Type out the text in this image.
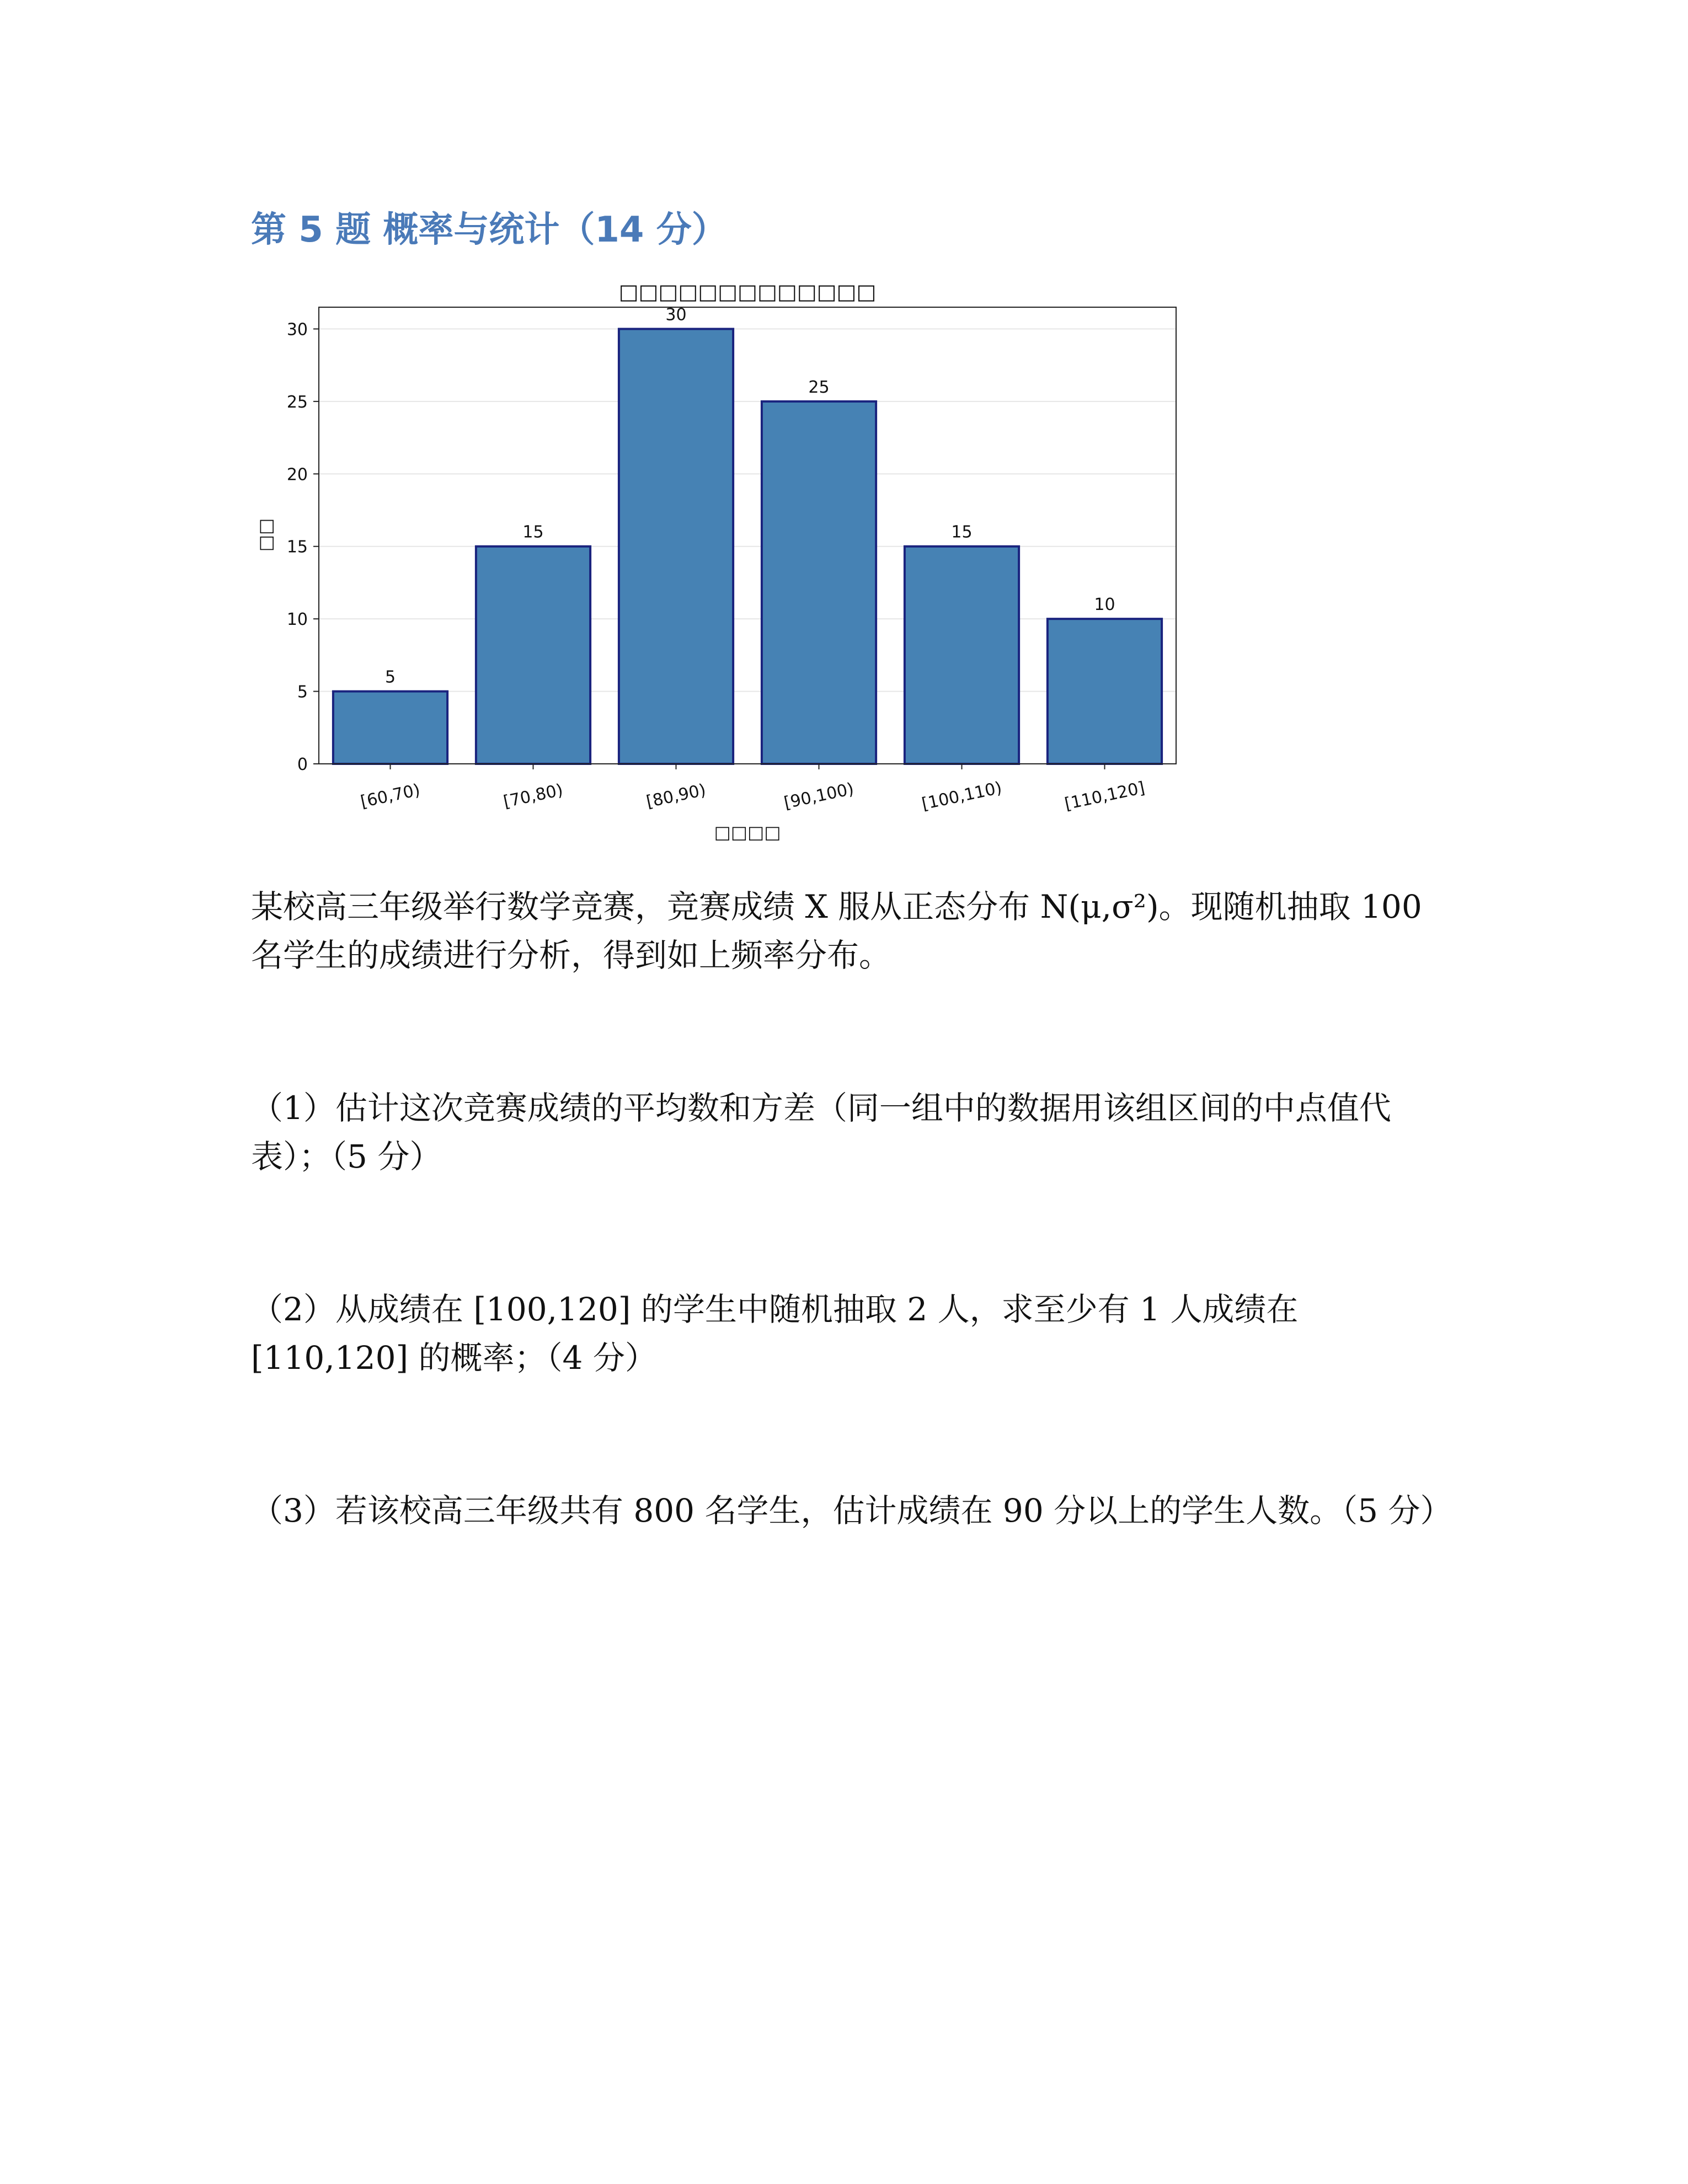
第 5 题 概率与统计（14 分）
□□□□□□□□□□□□□
5
15
30
25
15
10
0
5
10
15
20
25
30
[60,70)	[70,80)	[80,90)	[90,100)	[100,110)	[110,120]
□□
□□□□

某校高三年级举行数学竞赛，竞赛成绩 X 服从正态分布 N(μ,σ²)。现随机抽取 100 名学生的成绩进行分析，得到如上频率分布。

（1）估计这次竞赛成绩的平均数和方差（同一组中的数据用该组区间的中点值代表）；（5 分）

（2）从成绩在 [100,120] 的学生中随机抽取 2 人，求至少有 1 人成绩在 [110,120] 的概率；（4 分）

（3）若该校高三年级共有 800 名学生，估计成绩在 90 分以上的学生人数。（5 分）
